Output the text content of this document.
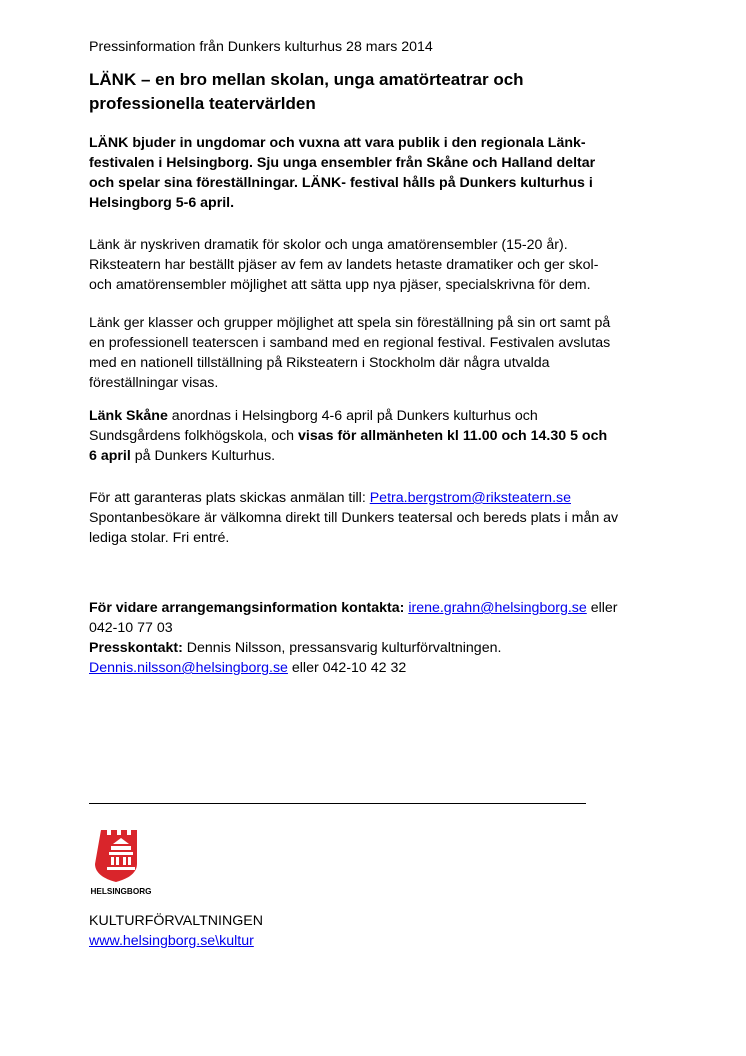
Pressinformation från Dunkers kulturhus 28 mars 2014

LÄNK – en bro mellan skolan, unga amatörteatrar och

professionella teatervärlden

LÄNK bjuder in ungdomar och vuxna att vara publik i den regionala Länk-

festivalen i Helsingborg. Sju unga ensembler från Skåne och Halland deltar

och spelar sina föreställningar. LÄNK- festival hålls på Dunkers kulturhus i

Helsingborg 5-6 april.

Länk är nyskriven dramatik för skolor och unga amatörensembler (15-20 år).

Riksteatern har beställt pjäser av fem av landets hetaste dramatiker och ger skol-

och amatörensembler möjlighet att sätta upp nya pjäser, specialskrivna för dem.

Länk ger klasser och grupper möjlighet att spela sin föreställning på sin ort samt på

en professionell teaterscen i samband med en regional festival. Festivalen avslutas

med en nationell tillställning på Riksteatern i Stockholm där några utvalda

föreställningar visas.

Länk Skåne anordnas i Helsingborg 4-6 april på Dunkers kulturhus och

Sundsgårdens folkhögskola, och visas för allmänheten kl 11.00 och 14.30 5 och

6 april på Dunkers Kulturhus.

För att garanteras plats skickas anmälan till: Petra.bergstrom@riksteatern.se

Spontanbesökare är välkomna direkt till Dunkers teatersal och bereds plats i mån av

lediga stolar. Fri entré.

För vidare arrangemangsinformation kontakta: irene.grahn@helsingborg.se eller

042-10 77 03

Presskontakt: Dennis Nilsson, pressansvarig kulturförvaltningen.

Dennis.nilsson@helsingborg.se eller 042-10 42 32

HELSINGBORG

KULTURFÖRVALTNINGEN

www.helsingborg.se\kultur
